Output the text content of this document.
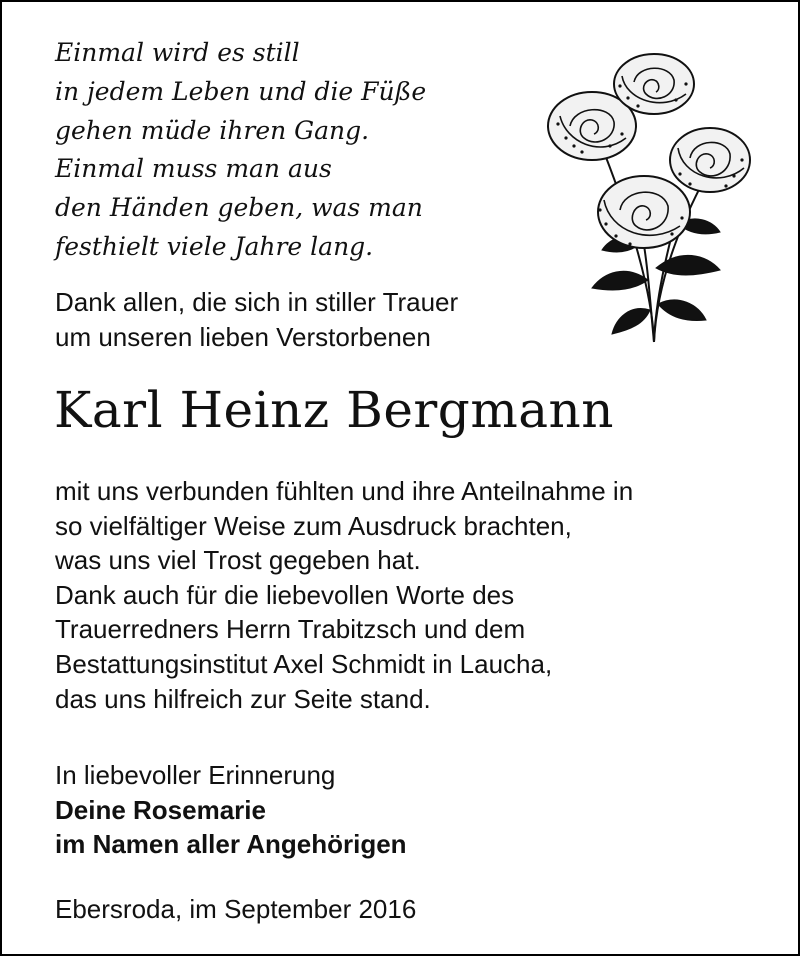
Einmal wird es still
in jedem Leben und die Füße
gehen müde ihren Gang.
Einmal muss man aus
den Händen geben, was man
festhielt viele Jahre lang.
Dank allen, die sich in stiller Trauer
um unseren lieben Verstorbenen
Karl Heinz Bergmann
mit uns verbunden fühlten und ihre Anteilnahme in
so vielfältiger Weise zum Ausdruck brachten,
was uns viel Trost gegeben hat.
Dank auch für die liebevollen Worte des
Trauerredners Herrn Trabitzsch und dem
Bestattungsinstitut Axel Schmidt in Laucha,
das uns hilfreich zur Seite stand.
In liebevoller Erinnerung
Deine Rosemarie
im Namen aller Angehörigen
Ebersroda, im September 2016
